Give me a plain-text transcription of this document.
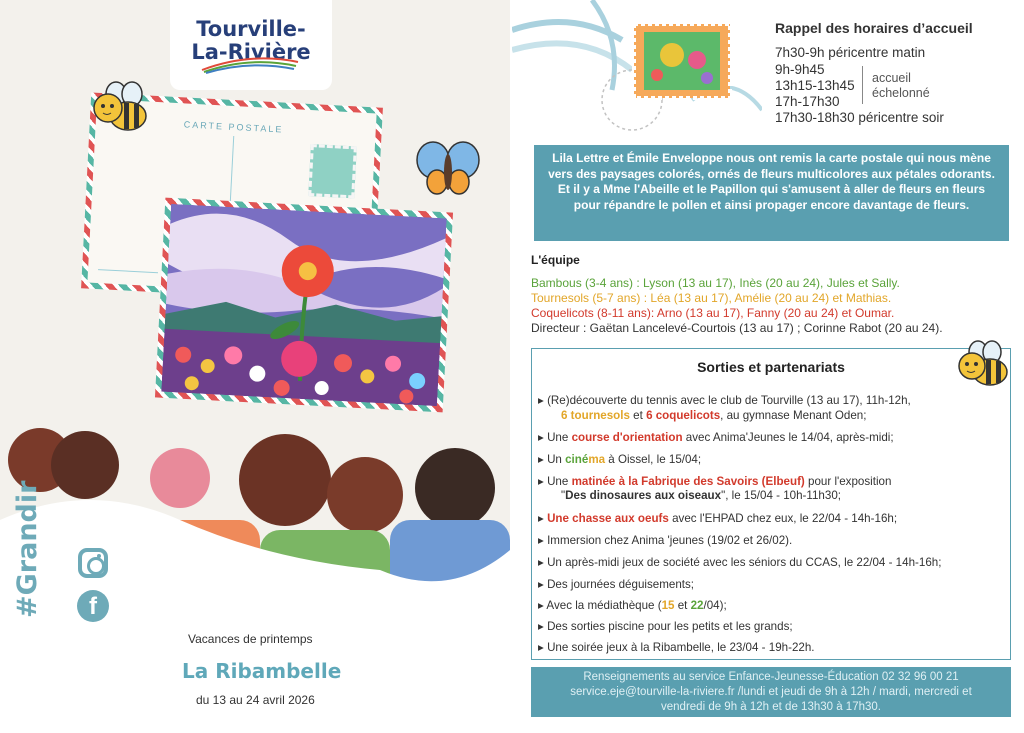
Tourville-
La-Rivière
CARTE POSTALE
f
Vacances de printemps
La Ribambelle
du 13 au 24 avril 2026
Rappel des horaires d’accueil
7h30-9h péricentre matin
9h-9h45
13h15-13h45
17h-17h30
17h30-18h30 péricentre soir
accueil
échelonné
Lila Lettre et Émile Enveloppe nous ont remis la carte postale qui nous mène vers des paysages colorés, ornés de fleurs multicolores aux pétales odorants. Et il y a Mme l'Abeille et le Papillon qui s'amusent à aller de fleurs en fleurs pour répandre le pollen et ainsi propager encore davantage de fleurs.
L'équipe
Bambous (3-4 ans) : Lyson (13 au 17), Inès (20 au 24), Jules et Sally.
Tournesols (5-7 ans) : Léa (13 au 17), Amélie (20 au 24) et Mathias.
Coquelicots (8-11 ans): Arno (13 au 17), Fanny (20 au 24) et Oumar.
Directeur : Gaëtan Lancelevé-Courtois (13 au 17) ; Corinne Rabot (20 au 24).
Sorties et partenariats
▸ (Re)découverte du tennis avec le club de Tourville (13 au 17), 11h-12h,
6 tournesols et 6 coquelicots, au gymnase Menant Oden;
▸ Une course d'orientation avec Anima'Jeunes le 14/04, après-midi;
▸ Un cinéma à Oissel, le 15/04;
▸ Une matinée à la Fabrique des Savoirs (Elbeuf) pour l'exposition
"Des dinosaures aux oiseaux", le 15/04 - 10h-11h30;
▸ Une chasse aux oeufs avec l'EHPAD chez eux, le 22/04 - 14h-16h;
▸ Immersion chez Anima 'jeunes (19/02 et 26/02).
▸ Un après-midi jeux de société avec les séniors du CCAS, le 22/04 - 14h-16h;
▸ Des journées déguisements;
▸ Avec la médiathèque (15 et 22/04);
▸ Des sorties piscine pour les petits et les grands;
▸ Une soirée jeux à la Ribambelle, le 23/04 - 19h-22h.
Renseignements au service Enfance-Jeunesse-Éducation 02 32 96 00 21
service.eje@tourville-la-riviere.fr /lundi et jeudi de 9h à 12h / mardi, mercredi et
vendredi de 9h à 12h et de 13h30 à 17h30.
